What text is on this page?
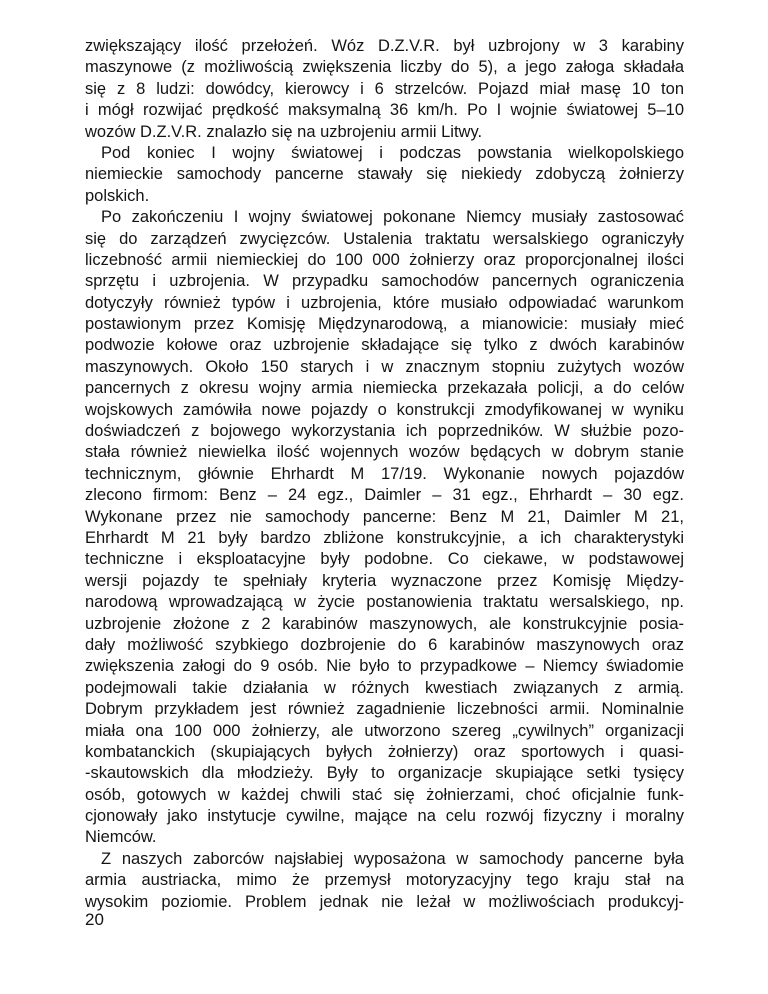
zwiększający ilość przełożeń. Wóz D.Z.V.R. był uzbrojony w 3 karabiny
maszynowe (z możliwością zwiększenia liczby do 5), a jego załoga składała
się z 8 ludzi: dowódcy, kierowcy i 6 strzelców. Pojazd miał masę 10 ton
i mógł rozwijać prędkość maksymalną 36 km/h. Po I wojnie światowej 5–10
wozów D.Z.V.R. znalazło się na uzbrojeniu armii Litwy.
Pod koniec I wojny światowej i podczas powstania wielkopolskiego
niemieckie samochody pancerne stawały się niekiedy zdobyczą żołnierzy
polskich.
Po zakończeniu I wojny światowej pokonane Niemcy musiały zastosować
się do zarządzeń zwycięzców. Ustalenia traktatu wersalskiego ograniczyły
liczebność armii niemieckiej do 100 000 żołnierzy oraz proporcjonalnej ilości
sprzętu i uzbrojenia. W przypadku samochodów pancernych ograniczenia
dotyczyły również typów i uzbrojenia, które musiało odpowiadać warunkom
postawionym przez Komisję Międzynarodową, a mianowicie: musiały mieć
podwozie kołowe oraz uzbrojenie składające się tylko z dwóch karabinów
maszynowych. Około 150 starych i w znacznym stopniu zużytych wozów
pancernych z okresu wojny armia niemiecka przekazała policji, a do celów
wojskowych zamówiła nowe pojazdy o konstrukcji zmodyfikowanej w wyniku
doświadczeń z bojowego wykorzystania ich poprzedników. W służbie pozo-
stała również niewielka ilość wojennych wozów będących w dobrym stanie
technicznym, głównie Ehrhardt M 17/19. Wykonanie nowych pojazdów
zlecono firmom: Benz – 24 egz., Daimler – 31 egz., Ehrhardt – 30 egz.
Wykonane przez nie samochody pancerne: Benz M 21, Daimler M 21,
Ehrhardt M 21 były bardzo zbliżone konstrukcyjnie, a ich charakterystyki
techniczne i eksploatacyjne były podobne. Co ciekawe, w podstawowej
wersji pojazdy te spełniały kryteria wyznaczone przez Komisję Między-
narodową wprowadzającą w życie postanowienia traktatu wersalskiego, np.
uzbrojenie złożone z 2 karabinów maszynowych, ale konstrukcyjnie posia-
dały możliwość szybkiego dozbrojenie do 6 karabinów maszynowych oraz
zwiększenia załogi do 9 osób. Nie było to przypadkowe – Niemcy świadomie
podejmowali takie działania w różnych kwestiach związanych z armią.
Dobrym przykładem jest również zagadnienie liczebności armii. Nominalnie
miała ona 100 000 żołnierzy, ale utworzono szereg „cywilnych” organizacji
kombatanckich (skupiających byłych żołnierzy) oraz sportowych i quasi-
-skautowskich dla młodzieży. Były to organizacje skupiające setki tysięcy
osób, gotowych w każdej chwili stać się żołnierzami, choć oficjalnie funk-
cjonowały jako instytucje cywilne, mające na celu rozwój fizyczny i moralny
Niemców.
Z naszych zaborców najsłabiej wyposażona w samochody pancerne była
armia austriacka, mimo że przemysł motoryzacyjny tego kraju stał na
wysokim poziomie. Problem jednak nie leżał w możliwościach produkcyj-
20
